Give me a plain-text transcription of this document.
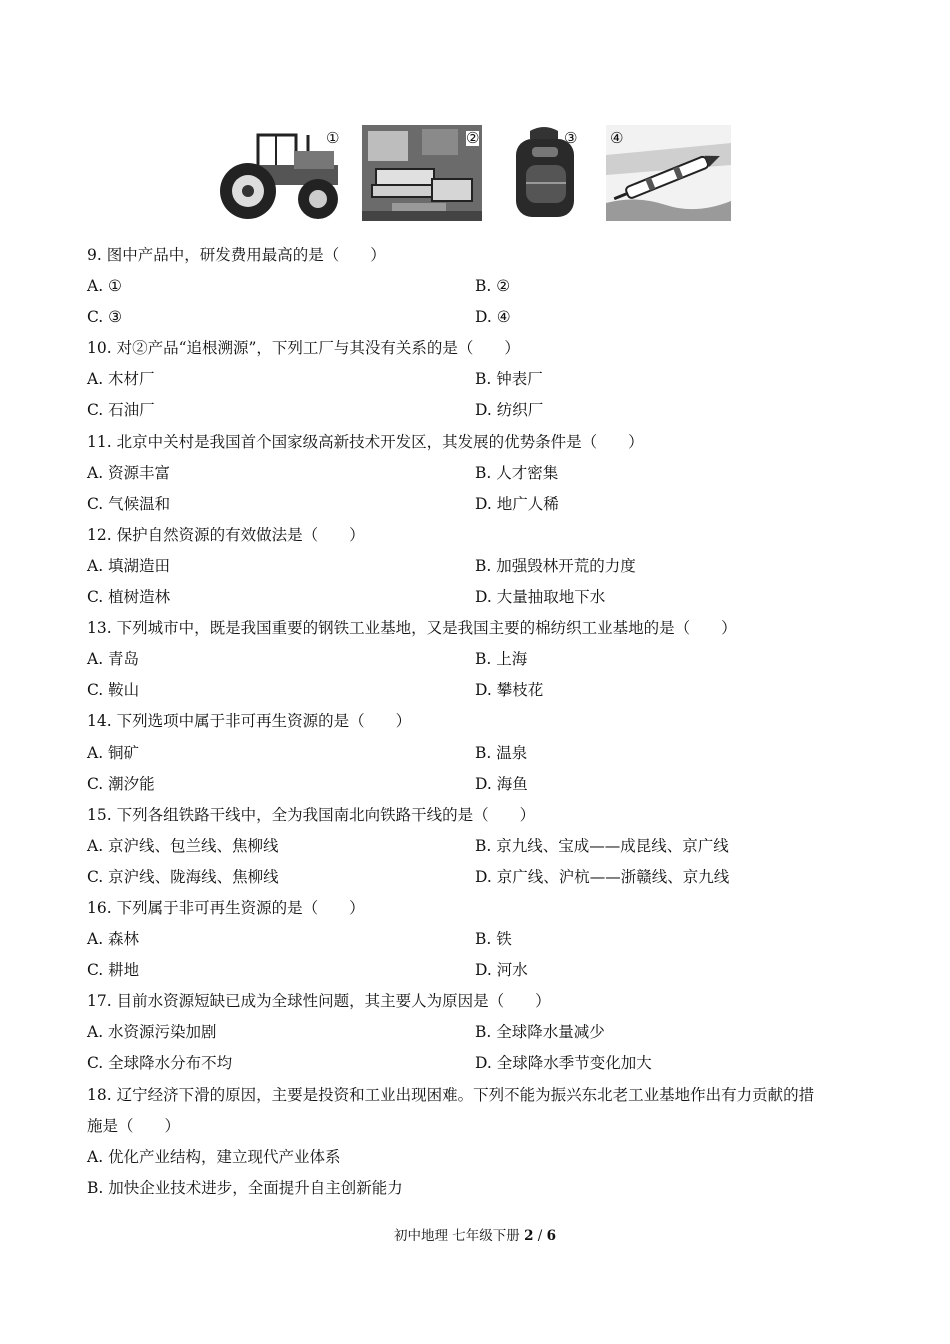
①	②	③ ④
9. 图中产品中，研发费用最高的是（　　）
A. ①	B. ②
C. ③	D. ④
10. 对②产品“追根溯源”，下列工厂与其没有关系的是（　　）
A. 木材厂	B. 钟表厂
C. 石油厂	D. 纺织厂
11. 北京中关村是我国首个国家级高新技术开发区，其发展的优势条件是（　　）
A. 资源丰富	B. 人才密集
C. 气候温和	D. 地广人稀
12. 保护自然资源的有效做法是（　　）
A. 填湖造田	B. 加强毁林开荒的力度
C. 植树造林	D. 大量抽取地下水
13. 下列城市中，既是我国重要的钢铁工业基地，又是我国主要的棉纺织工业基地的是（　　）
A. 青岛	B. 上海
C. 鞍山	D. 攀枝花
14. 下列选项中属于非可再生资源的是（　　）
A. 铜矿	B. 温泉
C. 潮汐能	D. 海鱼
15. 下列各组铁路干线中，全为我国南北向铁路干线的是（　　）
A. 京沪线、包兰线、焦柳线	B. 京九线、宝成——成昆线、京广线
C. 京沪线、陇海线、焦柳线	D. 京广线、沪杭——浙赣线、京九线
16. 下列属于非可再生资源的是（　　）
A. 森林	B. 铁
C. 耕地	D. 河水
17. 目前水资源短缺已成为全球性问题，其主要人为原因是（　　）
A. 水资源污染加剧	B. 全球降水量减少
C. 全球降水分布不均	D. 全球降水季节变化加大
18. 辽宁经济下滑的原因，主要是投资和工业出现困难。下列不能为振兴东北老工业基地作出有力贡献的措
施是（　　）
A. 优化产业结构，建立现代产业体系
B. 加快企业技术进步，全面提升自主创新能力
初中地理 七年级下册 2 / 6
